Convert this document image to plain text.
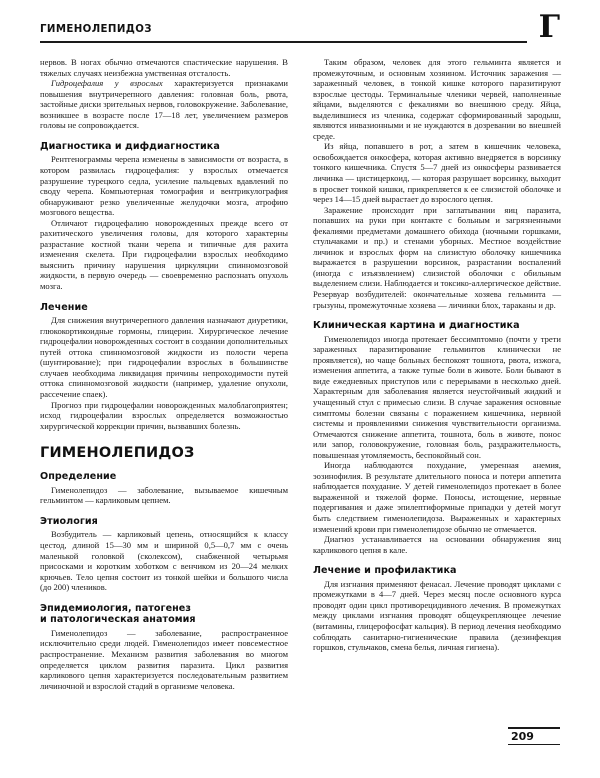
ГИМЕНОЛЕПИДОЗ	Г

нервов. В ногах обычно отмечаются спастические нарушения. В тяжелых случаях неизбежна умственная отсталость.

Гидроцефалия у взрослых характеризуется признаками повышения внутричерепного давления: головная боль, рвота, застойные диски зрительных нервов, головокружение. Заболевание, возникшее в возрасте после 17—18 лет, увеличением размеров головы не сопровождается.

Диагностика и дифдиагностика

Рентгенограммы черепа изменены в зависимости от возраста, в котором развилась гидроцефалия: у взрослых отмечается разрушение турецкого седла, усиление пальцевых вдавлений по своду черепа. Компьютерная томография и вентрикулография обнаруживают резко увеличенные желудочки мозга, атрофию мозгового вещества.

Отличают гидроцефалию новорожденных прежде всего от рахитического увеличения головы, для которого характерны разрастание костной ткани черепа и типичные для рахита изменения скелета. При гидроцефалии взрослых необходимо выяснить причину нарушения циркуляции спинномозговой жидкости, в первую очередь — своевременно распознать опухоль мозга.

Лечение

Для снижения внутричерепного давления назначают диуретики, глюкокортикоидные гормоны, глицерин. Хирургическое лечение гидроцефалии новорожденных состоит в создании дополнительных путей оттока спинномозговой жидкости из полости черепа (шунтирование); при гидроцефалии взрослых в большинстве случаев необходима ликвидация причины непроходимости путей оттока спинномозговой жидкости (например, удаление опухоли, рассечение спаек).

Прогноз при гидроцефалии новорожденных малоблагоприятен; исход гидроцефалии взрослых определяется возможностью хирургической коррекции причин, вызвавших болезнь.

ГИМЕНОЛЕПИДОЗ
Определение

Гименолепидоз — заболевание, вызываемое кишечным гельминтом — карликовым цепнем.

Этиология

Возбудитель — карликовый цепень, относящийся к классу цестод, длиной 15—30 мм и шириной 0,5—0,7 мм с очень маленькой головкой (сколексом), снабженной четырьмя присосками и коротким хоботком с венчиком из 20—24 мелких крючьев. Тело цепня состоит из тонкой шейки и большого числа (до 200) члеников.

Эпидемиология, патогенез
и патологическая анатомия

Гименолепидоз — заболевание, распространенное исключительно среди людей. Гименолепидоз имеет повсеместное распространение. Механизм развития заболевания во многом определяется циклом развития паразита. Цикл развития карликового цепня характеризуется последовательным развитием личиночной и взрослой стадий в организме человека.

Таким образом, человек для этого гельминта является и промежуточным, и основным хозяином. Источник заражения — зараженный человек, в тонкой кишке которого паразитируют взрослые цестоды. Терминальные членики червей, наполненные яйцами, выделяются с фекалиями во внешнюю среду. Яйца, выделившиеся из членика, содержат сформированный зародыш, являются инвазионными и не нуждаются в дозревании во внешней среде.

Из яйца, попавшего в рот, а затем в кишечник человека, освобождается онкосфера, которая активно внедряется в ворсинку тонкого кишечника. Спустя 5—7 дней из онкосферы развивается личинка — цистицеркоид, — которая разрушает ворсинку, выходит в просвет тонкой кишки, прикрепляется к ее слизистой оболочке и через 14—15 дней вырастает до взрослого цепня.

Заражение происходит при заглатывании яиц паразита, попавших на руки при контакте с больным и загрязненными фекалиями предметами домашнего обихода (ночными горшками, стульчаками и пр.) и стенами уборных. Местное воздействие личинок и взрослых форм на слизистую оболочку кишечника выражается в разрушении ворсинок, разрастании воспалений (иногда с изъязвлением) слизистой оболочки с обильным выделением слизи. Наблюдается и токсико-аллергическое действие. Резервуар возбудителей: окончательные хозяева гельминта — грызуны, промежуточные хозяева — личинки блох, тараканы и др.

Клиническая картина и диагностика

Гименолепидоз иногда протекает бессимптомно (почти у трети зараженных паразитирование гельминтов клинически не проявляется), но чаще больных беспокоят тошнота, рвота, изжога, изменения аппетита, а также тупые боли в животе. Боли бывают в виде ежедневных приступов или с перерывами в несколько дней. Характерным для заболевания является неустойчивый жидкий и учащенный стул с примесью слизи. В случае заражения основные симптомы болезни связаны с поражением кишечника, нервной системы и проявлениями снижения чувствительности организма. Отмечаются снижение аппетита, тошнота, боль в животе, понос или запор, головокружение, головная боль, раздражительность, повышенная утомляемость, беспокойный сон.

Иногда наблюдаются похудание, умеренная анемия, эозинофилия. В результате длительного поноса и потери аппетита наблюдается похудание. У детей гименолепидоз протекает в более выраженной и тяжелой форме. Поносы, истощение, нервные подергивания и даже эпилептиформные припадки у детей могут быть следствием гименолепидоза. Выраженных и характерных изменений крови при гименолепидозе обычно не отмечается.

Диагноз устанавливается на основании обнаружения яиц карликового цепня в кале.

Лечение и профилактика

Для изгнания применяют фенасал. Лечение проводят циклами с промежутками в 4—7 дней. Через месяц после основного курса проводят один цикл противорецидивного лечения. В промежутках между циклами изгнания проводят общеукрепляющее лечение (витамины, глицерофосфат кальция). В период лечения необходимо соблюдать санитарно-гигиенические правила (дезинфекция горшков, стульчаков, смена белья, личная гигиена).

209
